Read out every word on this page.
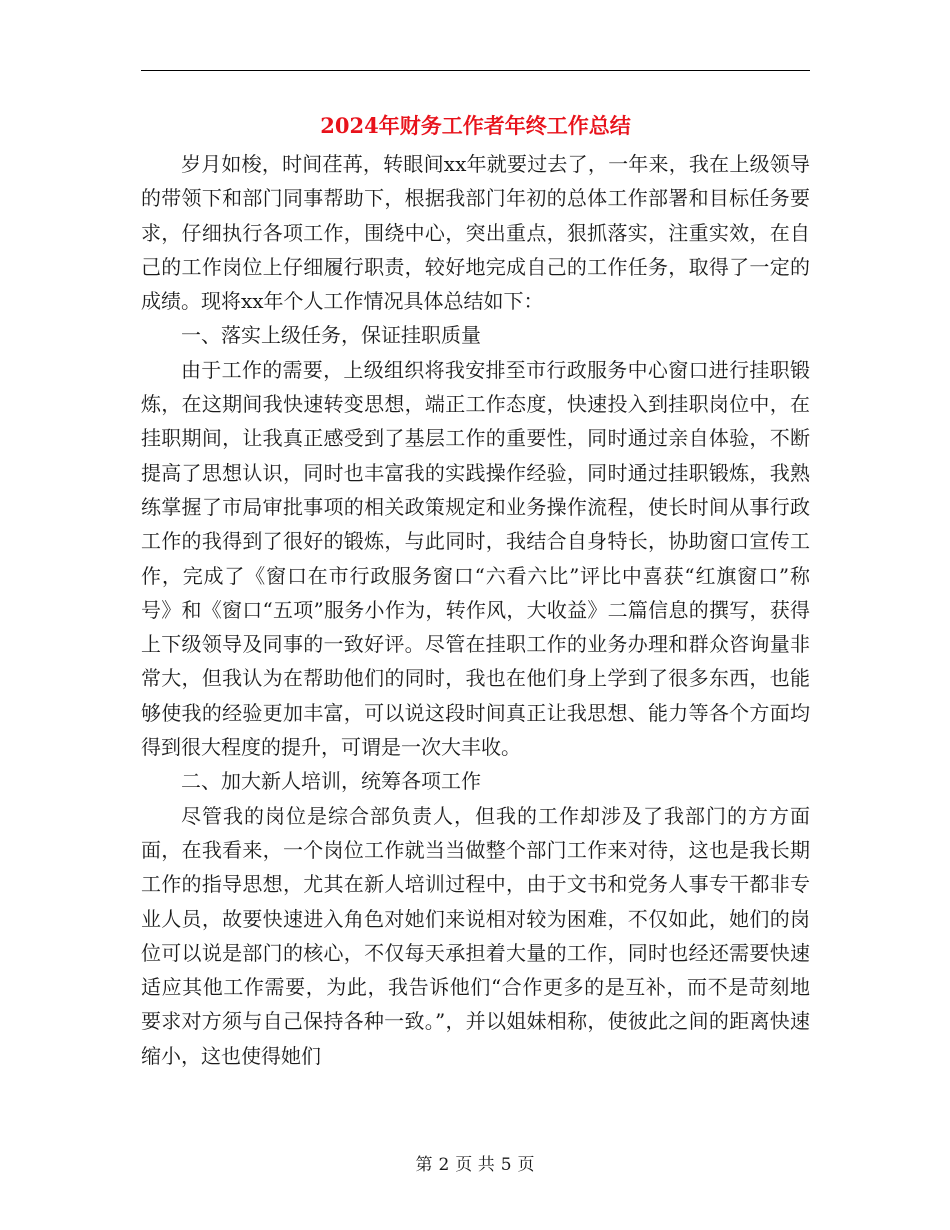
2024年财务工作者年终工作总结

岁月如梭，时间荏苒，转眼间xx年就要过去了，一年来，我在上级领导的带领下和部门同事帮助下，根据我部门年初的总体工作部署和目标任务要求，仔细执行各项工作，围绕中心，突出重点，狠抓落实，注重实效，在自己的工作岗位上仔细履行职责，较好地完成自己的工作任务，取得了一定的成绩。现将xx年个人工作情况具体总结如下：

一、落实上级任务，保证挂职质量

由于工作的需要，上级组织将我安排至市行政服务中心窗口进行挂职锻炼，在这期间我快速转变思想，端正工作态度，快速投入到挂职岗位中，在挂职期间，让我真正感受到了基层工作的重要性，同时通过亲自体验，不断提高了思想认识，同时也丰富我的实践操作经验，同时通过挂职锻炼，我熟练掌握了市局审批事项的相关政策规定和业务操作流程，使长时间从事行政工作的我得到了很好的锻炼，与此同时，我结合自身特长，协助窗口宣传工作，完成了《窗口在市行政服务窗口“六看六比”评比中喜获“红旗窗口”称号》和《窗口“五项”服务小作为，转作风，大收益》二篇信息的撰写，获得上下级领导及同事的一致好评。尽管在挂职工作的业务办理和群众咨询量非常大，但我认为在帮助他们的同时，我也在他们身上学到了很多东西，也能够使我的经验更加丰富，可以说这段时间真正让我思想、能力等各个方面均得到很大程度的提升，可谓是一次大丰收。

二、加大新人培训，统筹各项工作

尽管我的岗位是综合部负责人，但我的工作却涉及了我部门的方方面面，在我看来，一个岗位工作就当当做整个部门工作来对待，这也是我长期工作的指导思想，尤其在新人培训过程中，由于文书和党务人事专干都非专业人员，故要快速进入角色对她们来说相对较为困难，不仅如此，她们的岗位可以说是部门的核心，不仅每天承担着大量的工作，同时也经还需要快速适应其他工作需要，为此，我告诉他们“合作更多的是互补，而不是苛刻地要求对方须与自己保持各种一致。”，并以姐妹相称，使彼此之间的距离快速缩小，这也使得她们

第 2 页 共 5 页
